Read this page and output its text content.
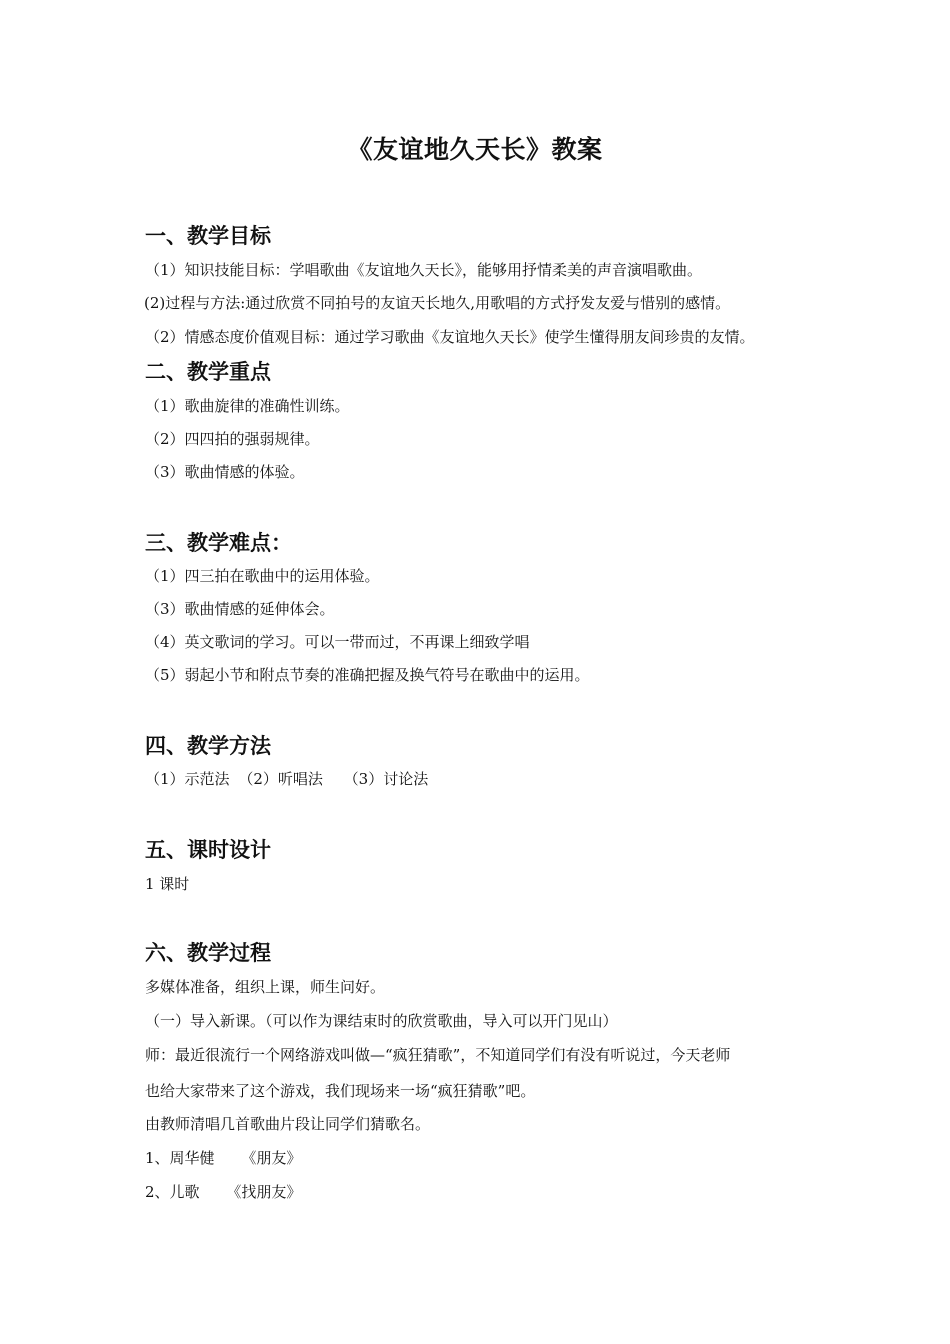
《友谊地久天长》教案
一、教学目标
（1）知识技能目标：学唱歌曲《友谊地久天长》，能够用抒情柔美的声音演唱歌曲。
(2)过程与方法:通过欣赏不同拍号的友谊天长地久,用歌唱的方式抒发友爱与惜别的感情。
（2）情感态度价值观目标：通过学习歌曲《友谊地久天长》使学生懂得朋友间珍贵的友情。
二、教学重点
（1）歌曲旋律的准确性训练。
（2）四四拍的强弱规律。
（3）歌曲情感的体验。
三、教学难点：
（1）四三拍在歌曲中的运用体验。
（3）歌曲情感的延伸体会。
（4）英文歌词的学习。可以一带而过，不再课上细致学唱
（5）弱起小节和附点节奏的准确把握及换气符号在歌曲中的运用。
四、教学方法
（1）示范法 （2）听唱法 （3）讨论法
五、课时设计
1 课时
六、教学过程
多媒体准备，组织上课，师生问好。
（一）导入新课。（可以作为课结束时的欣赏歌曲，导入可以开门见山）
师：最近很流行一个网络游戏叫做—“疯狂猜歌”，不知道同学们有没有听说过，今天老师
也给大家带来了这个游戏，我们现场来一场“疯狂猜歌”吧。
由教师清唱几首歌曲片段让同学们猜歌名。
1、周华健 《朋友》
2、儿歌 《找朋友》
